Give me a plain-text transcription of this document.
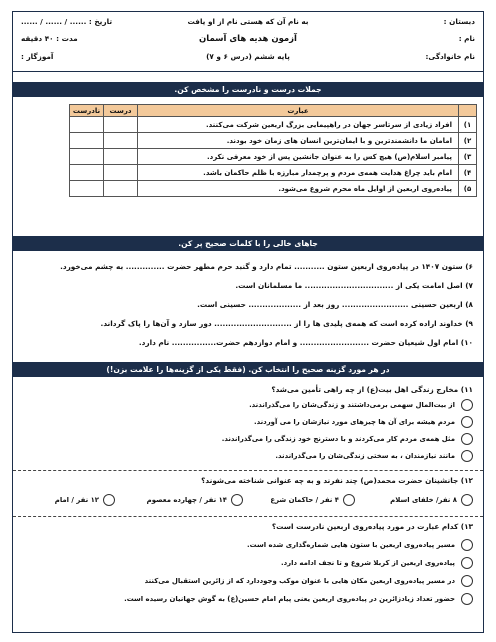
دبستان :
به نام آن که هستی نام از او یافت
تاریخ : ...... / ...... / ......
نام :
آزمون هدیه های آسمان
مدت : ۴۰ دقیقه
نام خانوادگی:
پایه ششم (درس ۶ و ۷)
آموزگار :
جملات درست و نادرست را مشخص کن.
	عبارت	درست	نادرست
۱)	افراد زیادی از سرتاسر جهان در راهپیمایی بزرگ اربعین شرکت می‌کنند.		
۲)	امامان ما دانشمندترین و با ایمان‌ترین انسان های زمان خود بودند.		
۳)	پیامبر اسلام(ص) هیچ کس را به عنوان جانشین پس از خود معرفی نکرد.		
۴)	امام باید چراغ هدایت همه‌ی مردم و پرچمدار مبارزه با ظلم حاکمان باشد.		
۵)	پیاده‌روی اربعین از اوایل ماه محرم شروع می‌شود.		
جاهای خالی را با کلمات صحیح پر کن.
۶) ستون ۱۴۰۷ در پیاده‌روی اربعین ستون ........... تمام دارد و گنبد حرم مطهر حضرت .............. به چشم می‌خورد.
۷) اصل امامت یکی از ................................ ما مسلمانان است.
۸) اربعین حسینی ........................ روز بعد از ................... حسینی است.
۹) خداوند اراده کرده است که همه‌ی پلیدی ها را از ............................ دور سازد و آن‌ها را پاک گرداند.
۱۰) امام اول شیعیان حضرت ......................... و امام دوازدهم حضرت................ نام دارد.
در هر مورد گزینه صحیح را انتخاب کن. (فقط یکی از گزینه‌ها را علامت بزن!)
۱۱) مخارج زندگی اهل بیت(ع) از چه راهی تأمین می‌شد؟
از بیت‌المال سهمی برمی‌داشتند و زندگی‌شان را می‌گذراندند.
مردم هیشه برای آن ها چیزهای مورد نیازشان را می آوردند.
مثل همه‌ی مردم کار می‌کردند و با دسترنج خود زندگی را می‌گذراندند.
مانند نیازمندان ، به سختی زندگی‌شان را می‌گذراندند.
۱۲) جانشینان حضرت محمد(ص) چند نفرند و به چه عنوانی شناخته می‌شوند؟
۸ نفر/ خلفای اسلام
۴ نفر / حاکمان شرع
۱۴ نفر / چهارده معصوم
۱۲ نفر / امام
۱۳) کدام عبارت در مورد پیاده‌روی اربعین نادرست است؟
مسیر پیاده‌روی اربعین با ستون هایی شماره‌گذاری شده است.
پیاده‌روی اربعین از کربلا شروع و تا نجف ادامه دارد.
در مسیر پیاده‌روی اربعین مکان هایی با عنوان موکب وجوددارد که از زائرین استقبال می‌کنند
حضور تعداد زیادزائرین در پیاده‌روی اربعین یعنی پیام امام حسین(ع) به گوش جهانیان رسیده است.
